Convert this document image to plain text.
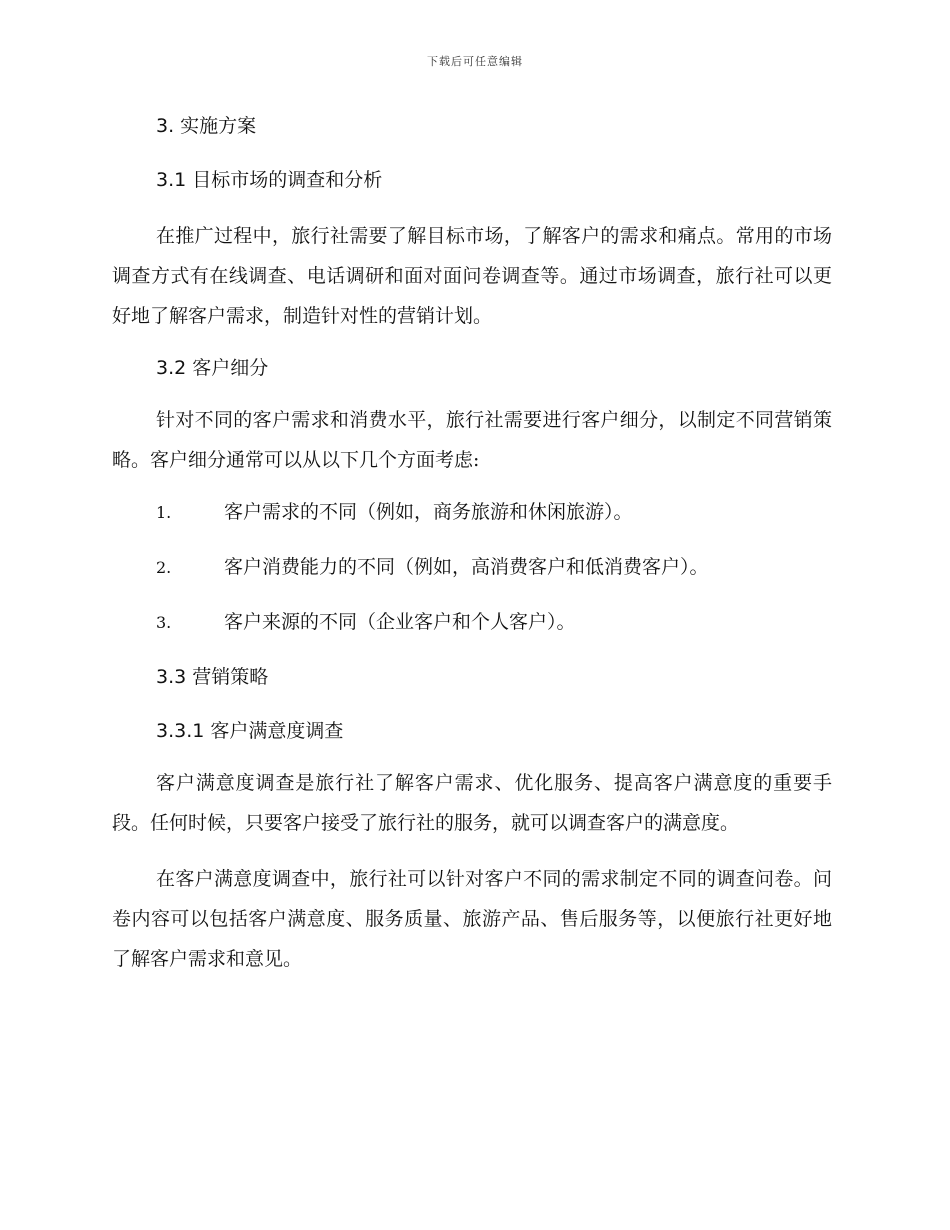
下载后可任意编辑
3. 实施方案
3.1 目标市场的调查和分析

在推广过程中，旅行社需要了解目标市场，了解客户的需求和痛点。常用的市场调查方式有在线调查、电话调研和面对面问卷调查等。通过市场调查，旅行社可以更好地了解客户需求，制造针对性的营销计划。

3.2 客户细分

针对不同的客户需求和消费水平，旅行社需要进行客户细分，以制定不同营销策略。客户细分通常可以从以下几个方面考虑:

1.	客户需求的不同（例如，商务旅游和休闲旅游）。
2.	客户消费能力的不同（例如，高消费客户和低消费客户）。
3.	客户来源的不同（企业客户和个人客户）。
3.3 营销策略
3.3.1 客户满意度调查

客户满意度调查是旅行社了解客户需求、优化服务、提高客户满意度的重要手段。任何时候，只要客户接受了旅行社的服务，就可以调查客户的满意度。

在客户满意度调查中，旅行社可以针对客户不同的需求制定不同的调查问卷。问卷内容可以包括客户满意度、服务质量、旅游产品、售后服务等，以便旅行社更好地了解客户需求和意见。
